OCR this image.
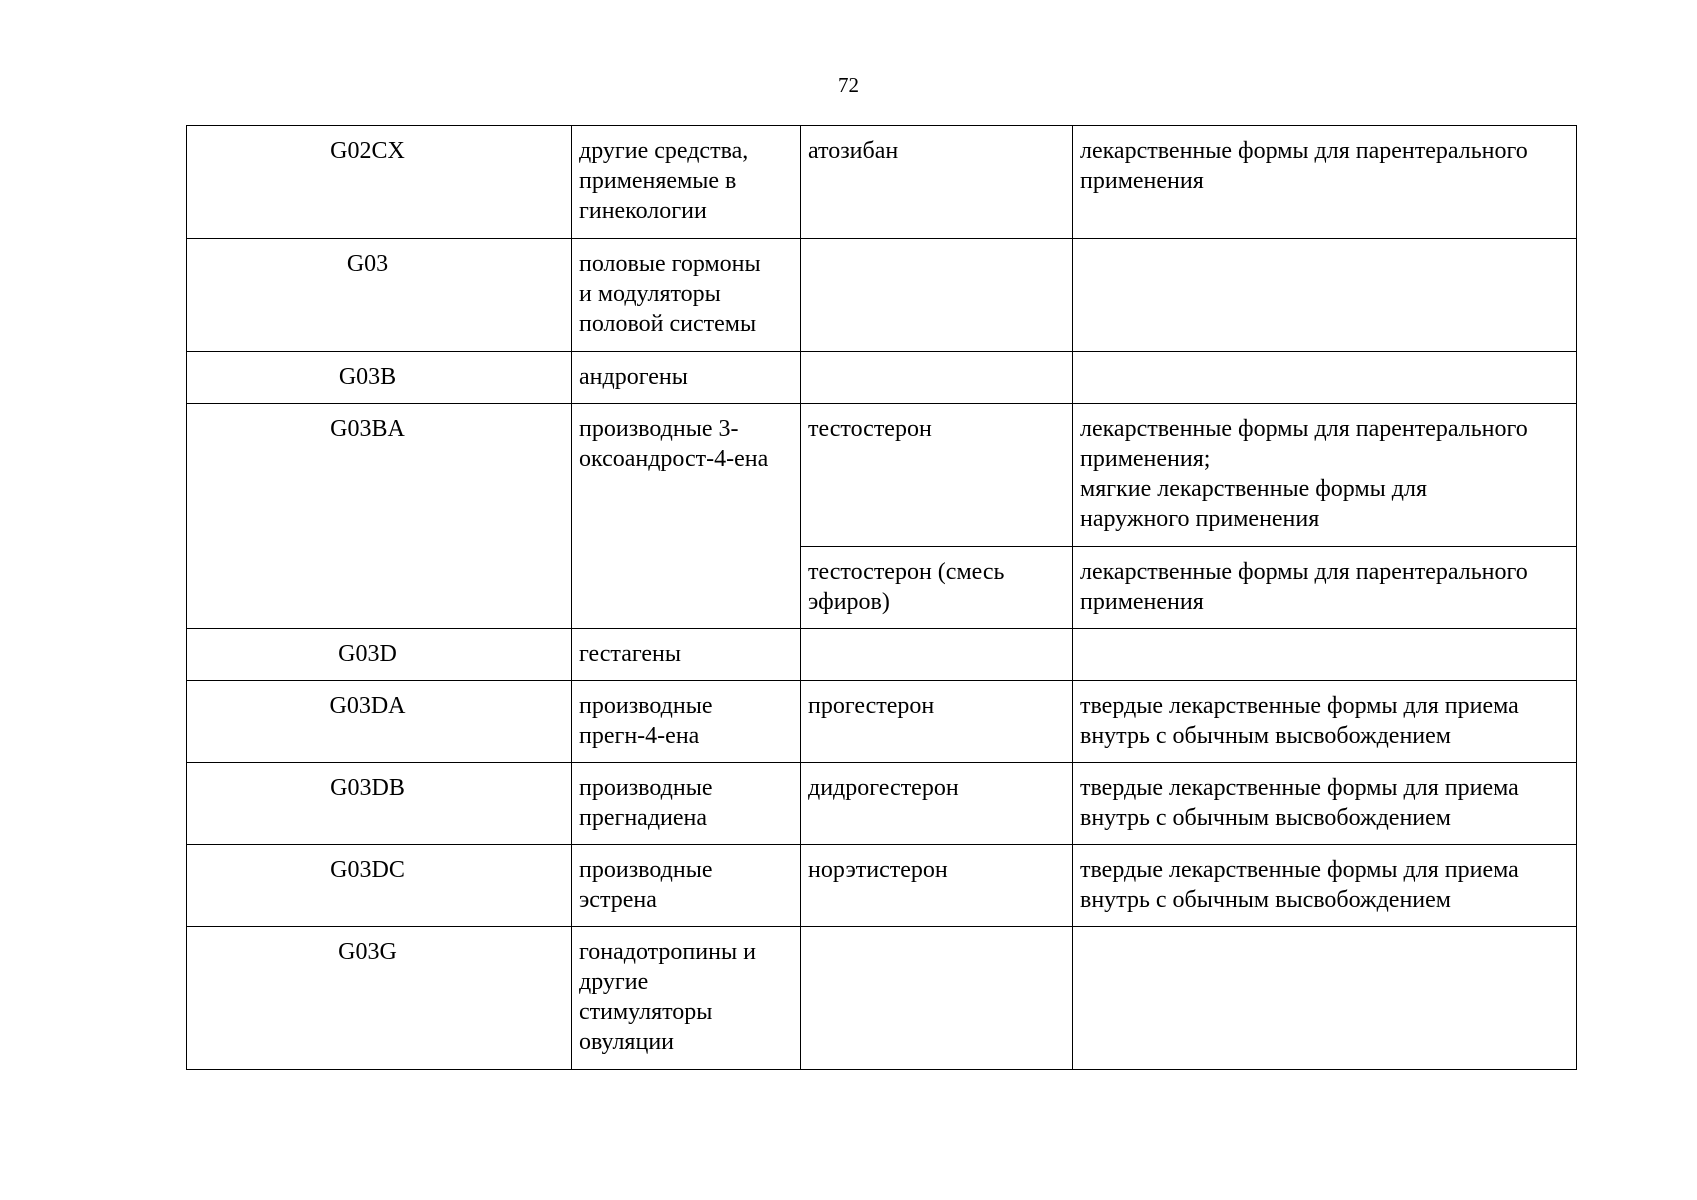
72
G02CX	другие средства,
применяемые в
гинекологии	атозибан	лекарственные формы для парентерального
применения
G03	половые гормоны
и модуляторы
половой системы		
G03B	андрогены		
G03BA	производные 3-
оксоандрост-4-ена	тестостерон	лекарственные формы для парентерального
применения;
мягкие лекарственные формы для
наружного применения
		тестостерон (смесь
эфиров)	лекарственные формы для парентерального
применения
G03D	гестагены		
G03DA	производные
прегн-4-ена	прогестерон	твердые лекарственные формы для приема
внутрь с обычным высвобождением
G03DB	производные
прегнадиена	дидрогестерон	твердые лекарственные формы для приема
внутрь с обычным высвобождением
G03DC	производные
эстрена	норэтистерон	твердые лекарственные формы для приема
внутрь с обычным высвобождением
G03G	гонадотропины и
другие
стимуляторы
овуляции		
